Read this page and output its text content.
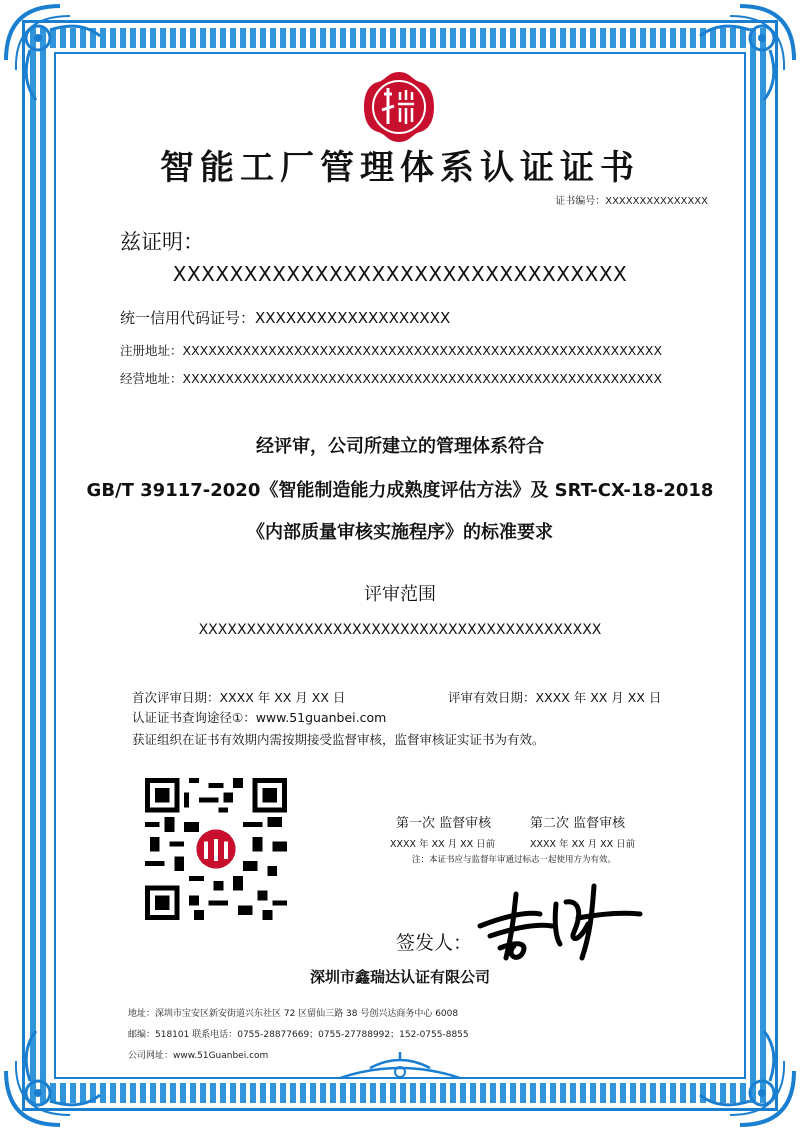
智能工厂管理体系认证证书
证书编号：XXXXXXXXXXXXXXX
兹证明：
XXXXXXXXXXXXXXXXXXXXXXXXXXXXXXXX
统一信用代码证号：XXXXXXXXXXXXXXXXXXX
注册地址：XXXXXXXXXXXXXXXXXXXXXXXXXXXXXXXXXXXXXXXXXXXXXXXXXXXXXXXX
经营地址：XXXXXXXXXXXXXXXXXXXXXXXXXXXXXXXXXXXXXXXXXXXXXXXXXXXXXXXX
经评审，公司所建立的管理体系符合
GB/T 39117-2020《智能制造能力成熟度评估方法》及 SRT-CX-18-2018
《内部质量审核实施程序》的标准要求
评审范围
XXXXXXXXXXXXXXXXXXXXXXXXXXXXXXXXXXXXXXXXXX
首次评审日期：XXXX 年 XX 月 XX 日	评审有效日期：XXXX 年 XX 月 XX 日
认证证书查询途径①：www.51guanbei.com
获证组织在证书有效期内需按期接受监督审核，监督审核证实证书为有效。
第一次 监督审核	第二次 监督审核
XXXX 年 XX 月 XX 日前	XXXX 年 XX 月 XX 日前
注：本证书应与监督年审通过标志一起使用方为有效。
签发人：
深圳市鑫瑞达认证有限公司
地址：深圳市宝安区新安街道兴东社区 72 区留仙三路 38 号创兴达商务中心 6008
邮编：518101 联系电话：0755-28877669；0755-27788992；152-0755-8855
公司网址：www.51Guanbei.com
